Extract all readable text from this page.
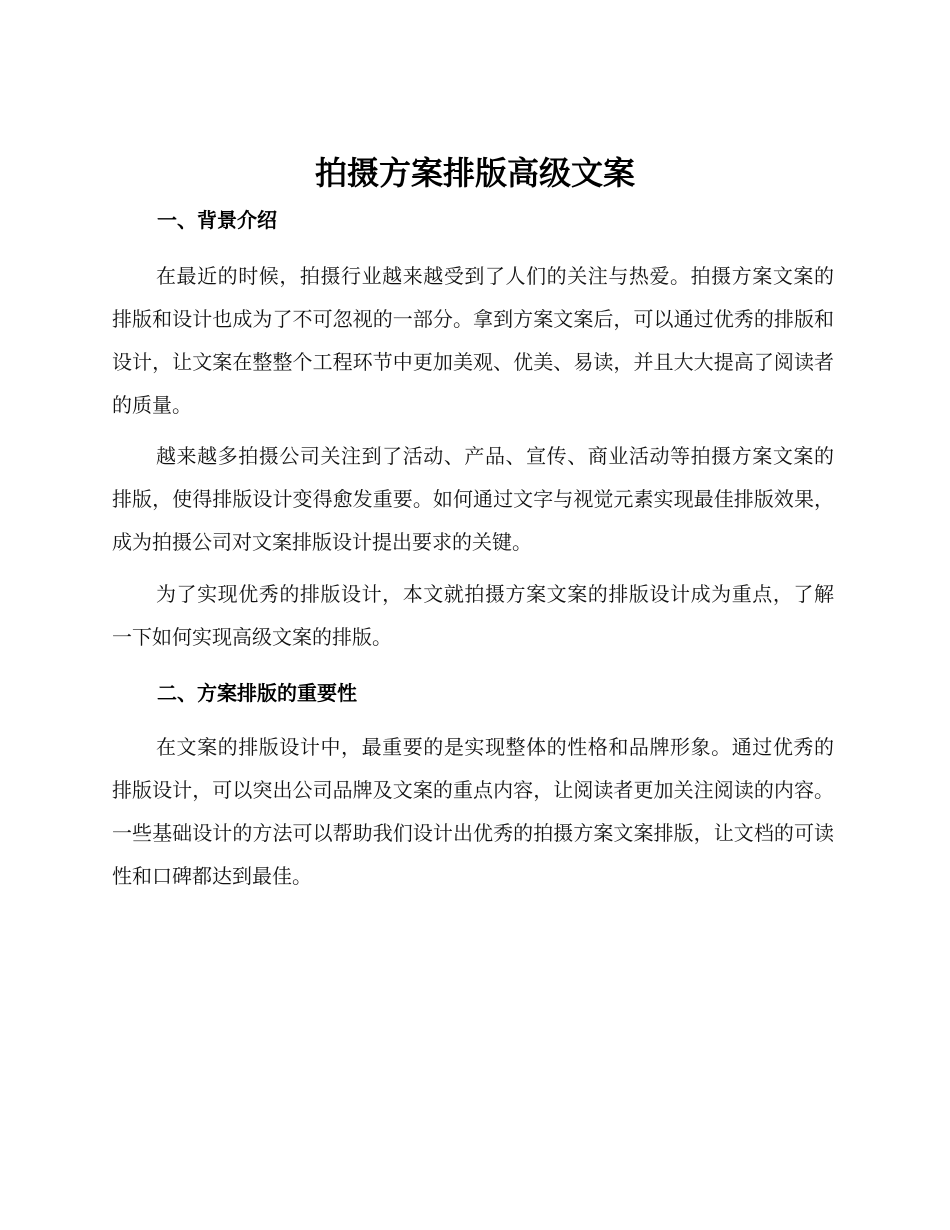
拍摄方案排版高级文案
一、背景介绍

在最近的时候，拍摄行业越来越受到了人们的关注与热爱。拍摄方案文案的排版和设计也成为了不可忽视的一部分。拿到方案文案后，可以通过优秀的排版和设计，让文案在整整个工程环节中更加美观、优美、易读，并且大大提高了阅读者的质量。

越来越多拍摄公司关注到了活动、产品、宣传、商业活动等拍摄方案文案的排版，使得排版设计变得愈发重要。如何通过文字与视觉元素实现最佳排版效果，成为拍摄公司对文案排版设计提出要求的关键。

为了实现优秀的排版设计，本文就拍摄方案文案的排版设计成为重点，了解一下如何实现高级文案的排版。

二、方案排版的重要性

在文案的排版设计中，最重要的是实现整体的性格和品牌形象。通过优秀的排版设计，可以突出公司品牌及文案的重点内容，让阅读者更加关注阅读的内容。一些基础设计的方法可以帮助我们设计出优秀的拍摄方案文案排版，让文档的可读性和口碑都达到最佳。
